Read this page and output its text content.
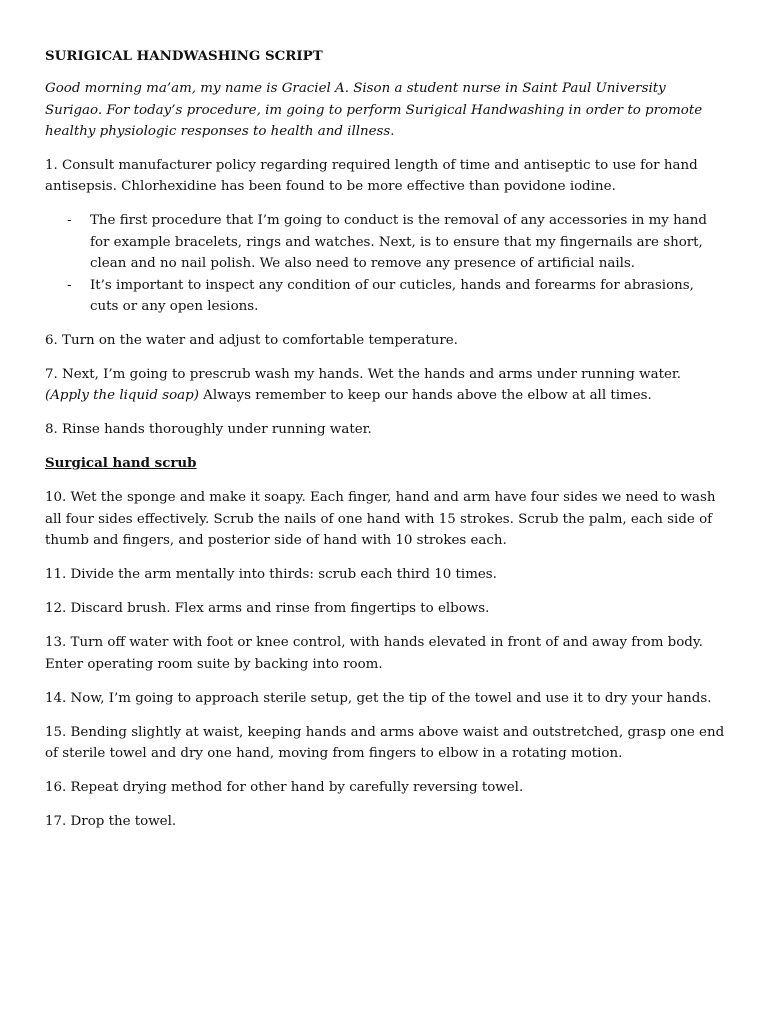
SURIGICAL HANDWASHING SCRIPT

Good morning ma’am, my name is Graciel A. Sison a student nurse in Saint Paul University Surigao. For today’s procedure, im going to perform Surigical Handwashing in order to promote healthy physiologic responses to health and illness.

1. Consult manufacturer policy regarding required length of time and antiseptic to use for hand antisepsis. Chlorhexidine has been found to be more effective than povidone iodine.

- The first procedure that I’m going to conduct is the removal of any accessories in my hand for example bracelets, rings and watches. Next, is to ensure that my fingernails are short, clean and no nail polish. We also need to remove any presence of artificial nails.
- It’s important to inspect any condition of our cuticles, hands and forearms for abrasions, cuts or any open lesions.

6. Turn on the water and adjust to comfortable temperature.

7. Next, I’m going to prescrub wash my hands. Wet the hands and arms under running water. (Apply the liquid soap) Always remember to keep our hands above the elbow at all times.

8. Rinse hands thoroughly under running water.

Surgical hand scrub

10. Wet the sponge and make it soapy. Each finger, hand and arm have four sides we need to wash all four sides effectively. Scrub the nails of one hand with 15 strokes. Scrub the palm, each side of thumb and fingers, and posterior side of hand with 10 strokes each.

11. Divide the arm mentally into thirds: scrub each third 10 times.

12. Discard brush. Flex arms and rinse from fingertips to elbows.

13. Turn off water with foot or knee control, with hands elevated in front of and away from body. Enter operating room suite by backing into room.

14. Now, I’m going to approach sterile setup, get the tip of the towel and use it to dry your hands.

15. Bending slightly at waist, keeping hands and arms above waist and outstretched, grasp one end of sterile towel and dry one hand, moving from fingers to elbow in a rotating motion.

16. Repeat drying method for other hand by carefully reversing towel.

17. Drop the towel.
